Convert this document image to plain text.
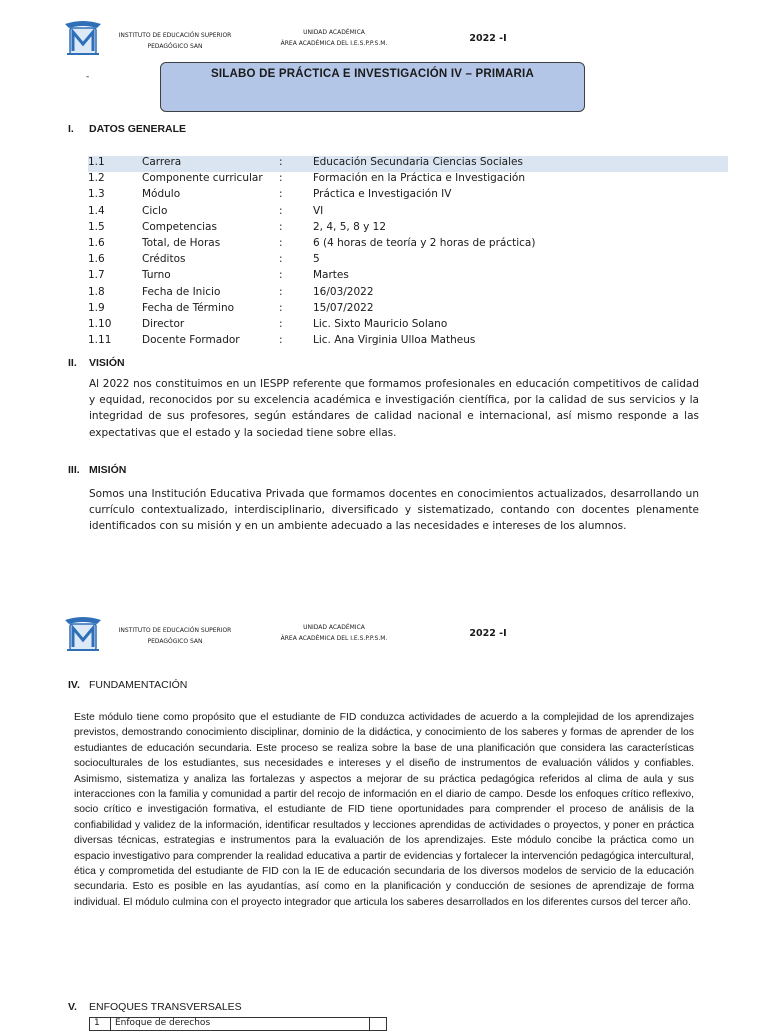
INSTITUTO DE EDUCACIÓN SUPERIOR
PEDAGÓGICO SAN
UNIDAD ACADÉMICA
ÁREA ACADÉMICA DEL I.E.S.P.P.S.M.	2022 -I
-	SILABO DE PRÁCTICA E INVESTIGACIÓN IV – PRIMARIA
I. DATOS GENERALE
1.1	Carrera	:	Educación Secundaria Ciencias Sociales
1.2	Componente curricular :	Formación en la Práctica e Investigación
1.3	Módulo	:	Práctica e Investigación IV
1.4	Ciclo	:	VI
1.5	Competencias	:	2, 4, 5, 8 y 12
1.6	Total, de Horas	:	6 (4 horas de teoría y 2 horas de práctica)
1.6	Créditos	:	5
1.7	Turno	:	Martes
1.8	Fecha de Inicio	:	16/03/2022
1.9	Fecha de Término	:	15/07/2022
1.10	Director	:	Lic. Sixto Mauricio Solano
1.11	Docente Formador	:	Lic. Ana Virginia Ulloa Matheus
II. VISIÓN
Al 2022 nos constituimos en un IESPP referente que formamos profesionales en educación competitivos de calidad y equidad, reconocidos por su excelencia académica e investigación científica, por la calidad de sus servicios y la integridad de sus profesores, según estándares de calidad nacional e internacional, así mismo responde a las expectativas que el estado y la sociedad tiene sobre ellas.
III. MISIÓN
Somos una Institución Educativa Privada que formamos docentes en conocimientos actualizados, desarrollando un currículo contextualizado, interdisciplinario, diversificado y sistematizado, contando con docentes plenamente identificados con su misión y en un ambiente adecuado a las necesidades e intereses de los alumnos.
INSTITUTO DE EDUCACIÓN SUPERIOR
PEDAGÓGICO SAN
UNIDAD ACADÉMICA
ÁREA ACADÉMICA DEL I.E.S.P.P.S.M.	2022 -I
IV. FUNDAMENTACIÓN
Este módulo tiene como propósito que el estudiante de FID conduzca actividades de acuerdo a la complejidad de los aprendizajes previstos, demostrando conocimiento disciplinar, dominio de la didáctica, y conocimiento de los saberes y formas de aprender de los estudiantes de educación secundaria. Este proceso se realiza sobre la base de una planificación que considera las características socioculturales de los estudiantes, sus necesidades e intereses y el diseño de instrumentos de evaluación válidos y confiables. Asimismo, sistematiza y analiza las fortalezas y aspectos a mejorar de su práctica pedagógica referidos al clima de aula y sus interacciones con la familia y comunidad a partir del recojo de información en el diario de campo. Desde los enfoques crítico reflexivo, socio crítico e investigación formativa, el estudiante de FID tiene oportunidades para comprender el proceso de análisis de la confiabilidad y validez de la información, identificar resultados y lecciones aprendidas de actividades o proyectos, y poner en práctica diversas técnicas, estrategias e instrumentos para la evaluación de los aprendizajes. Este módulo concibe la práctica como un espacio investigativo para comprender la realidad educativa a partir de evidencias y fortalecer la intervención pedagógica intercultural, ética y comprometida del estudiante de FID con la IE de educación secundaria de los diversos modelos de servicio de la educación secundaria. Esto es posible en las ayudantías, así como en la planificación y conducción de sesiones de aprendizaje de forma individual. El módulo culmina con el proyecto integrador que articula los saberes desarrollados en los diferentes cursos del tercer año.
V. ENFOQUES TRANSVERSALES
1	Enfoque de derechos	
